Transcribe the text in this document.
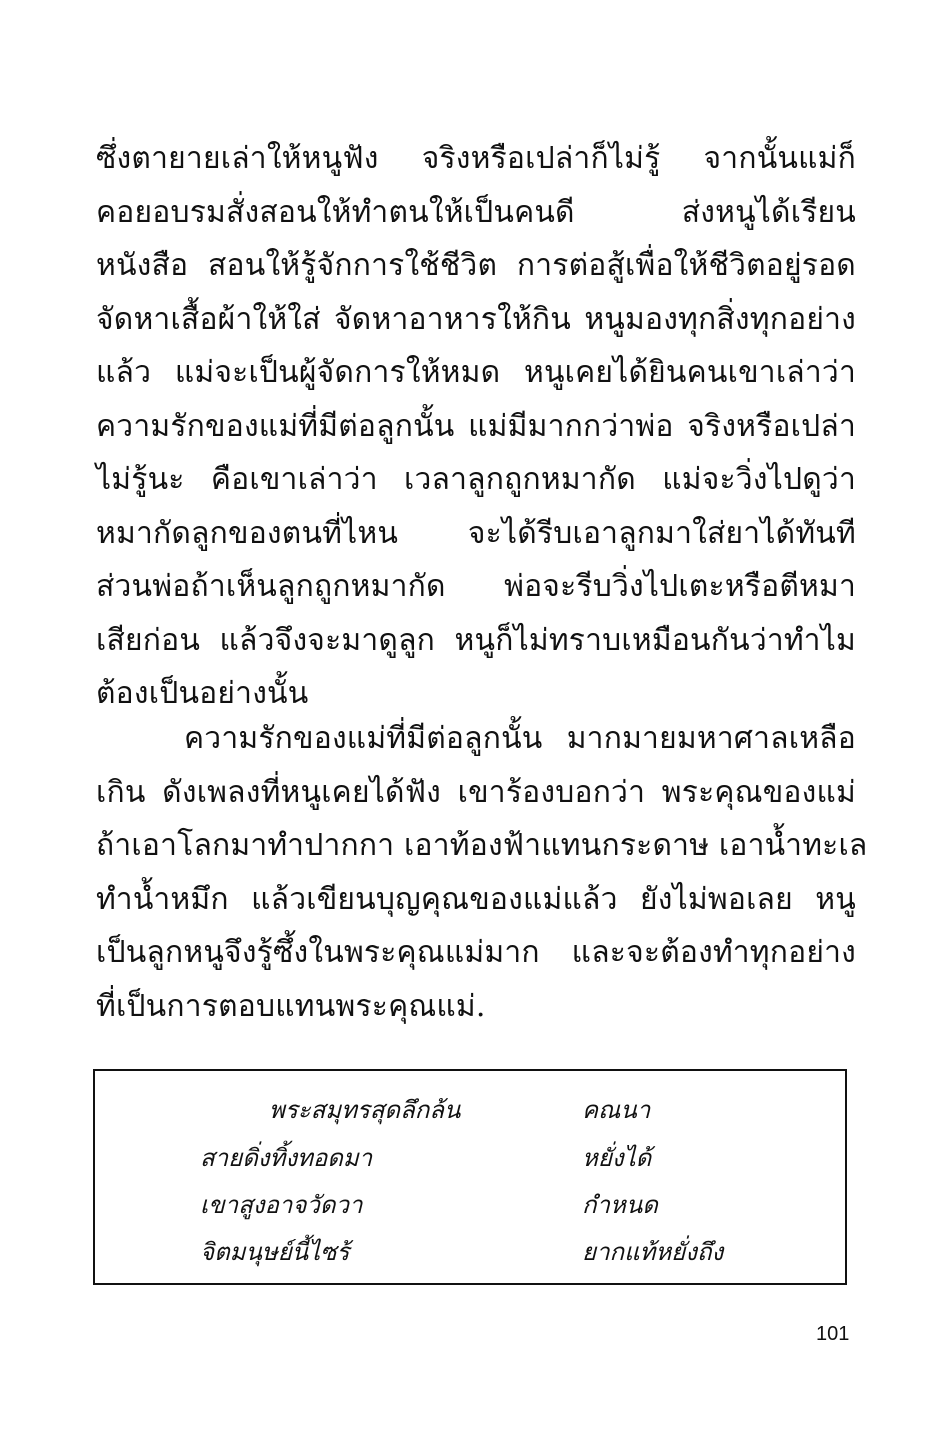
ซึ่งตายายเล่าให้หนูฟัง จริงหรือเปล่าก็ไม่รู้ จากนั้นแม่ก็
คอยอบรมสั่งสอนให้ทำตนให้เป็นคนดี ส่งหนูได้เรียน
หนังสือ สอนให้รู้จักการใช้ชีวิต การต่อสู้เพื่อให้ชีวิตอยู่รอด
จัดหาเสื้อผ้าให้ใส่ จัดหาอาหารให้กิน หนูมองทุกสิ่งทุกอย่าง
แล้ว แม่จะเป็นผู้จัดการให้หมด หนูเคยได้ยินคนเขาเล่าว่า
ความรักของแม่ที่มีต่อลูกนั้น แม่มีมากกว่าพ่อ จริงหรือเปล่า
ไม่รู้นะ คือเขาเล่าว่า เวลาลูกถูกหมากัด แม่จะวิ่งไปดูว่า
หมากัดลูกของตนที่ไหน จะได้รีบเอาลูกมาใส่ยาได้ทันที
ส่วนพ่อถ้าเห็นลูกถูกหมากัด พ่อจะรีบวิ่งไปเตะหรือตีหมา
เสียก่อน แล้วจึงจะมาดูลูก หนูก็ไม่ทราบเหมือนกันว่าทำไม
ต้องเป็นอย่างนั้น
ความรักของแม่ที่มีต่อลูกนั้น มากมายมหาศาลเหลือ
เกิน ดังเพลงที่หนูเคยได้ฟัง เขาร้องบอกว่า พระคุณของแม่
ถ้าเอาโลกมาทำปากกา เอาท้องฟ้าแทนกระดาษ เอาน้ำทะเล
ทำน้ำหมึก แล้วเขียนบุญคุณของแม่แล้ว ยังไม่พอเลย หนู
เป็นลูกหนูจึงรู้ซึ้งในพระคุณแม่มาก และจะต้องทำทุกอย่าง
ที่เป็นการตอบแทนพระคุณแม่.
พระสมุทรสุดลึกล้น	คณนา
สายดิ่งทิ้งทอดมา	หยั่งได้
เขาสูงอาจวัดวา	กำหนด
จิตมนุษย์นี้ไซร้	ยากแท้หยั่งถึง
101
